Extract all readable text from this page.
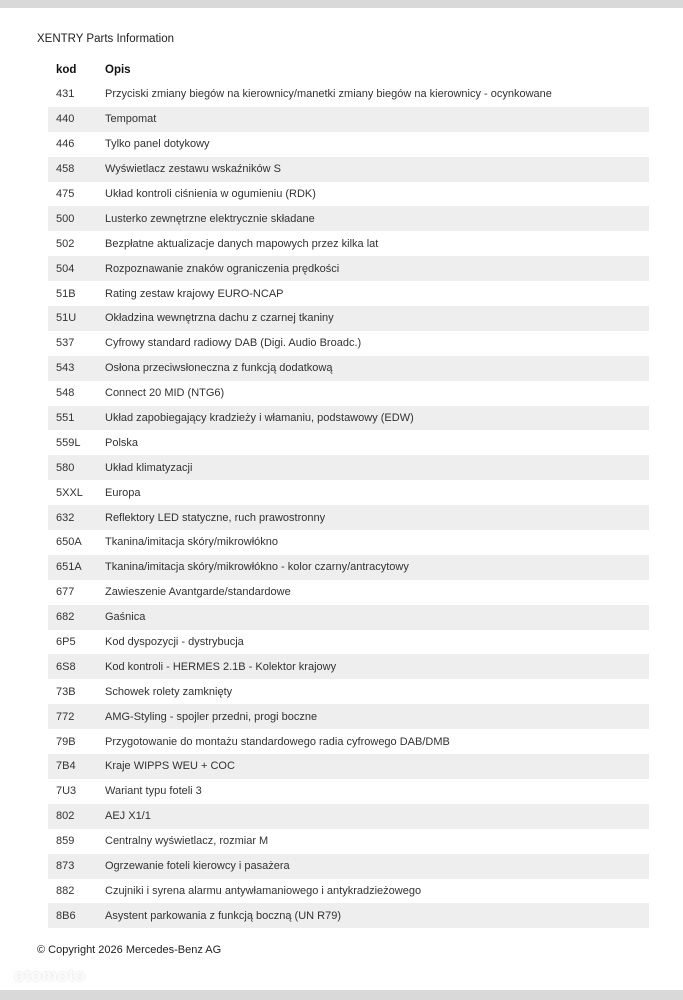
XENTRY Parts Information
kod	Opis
431	Przyciski zmiany biegów na kierownicy/manetki zmiany biegów na kierownicy - ocynkowane
440	Tempomat
446	Tylko panel dotykowy
458	Wyświetlacz zestawu wskaźników S
475	Układ kontroli ciśnienia w ogumieniu (RDK)
500	Lusterko zewnętrzne elektrycznie składane
502	Bezpłatne aktualizacje danych mapowych przez kilka lat
504	Rozpoznawanie znaków ograniczenia prędkości
51B	Rating zestaw krajowy EURO-NCAP
51U	Okładzina wewnętrzna dachu z czarnej tkaniny
537	Cyfrowy standard radiowy DAB (Digi. Audio Broadc.)
543	Osłona przeciwsłoneczna z funkcją dodatkową
548	Connect 20 MID (NTG6)
551	Układ zapobiegający kradzieży i włamaniu, podstawowy (EDW)
559L	Polska
580	Układ klimatyzacji
5XXL	Europa
632	Reflektory LED statyczne, ruch prawostronny
650A	Tkanina/imitacja skóry/mikrowłókno
651A	Tkanina/imitacja skóry/mikrowłókno - kolor czarny/antracytowy
677	Zawieszenie Avantgarde/standardowe
682	Gaśnica
6P5	Kod dyspozycji - dystrybucja
6S8	Kod kontroli - HERMES 2.1B - Kolektor krajowy
73B	Schowek rolety zamknięty
772	AMG-Styling - spojler przedni, progi boczne
79B	Przygotowanie do montażu standardowego radia cyfrowego DAB/DMB
7B4	Kraje WIPPS WEU + COC
7U3	Wariant typu foteli 3
802	AEJ X1/1
859	Centralny wyświetlacz, rozmiar M
873	Ogrzewanie foteli kierowcy i pasażera
882	Czujniki i syrena alarmu antywłamaniowego i antykradzieżowego
8B6	Asystent parkowania z funkcją boczną (UN R79)
© Copyright 2026 Mercedes-Benz AG
otomoto
